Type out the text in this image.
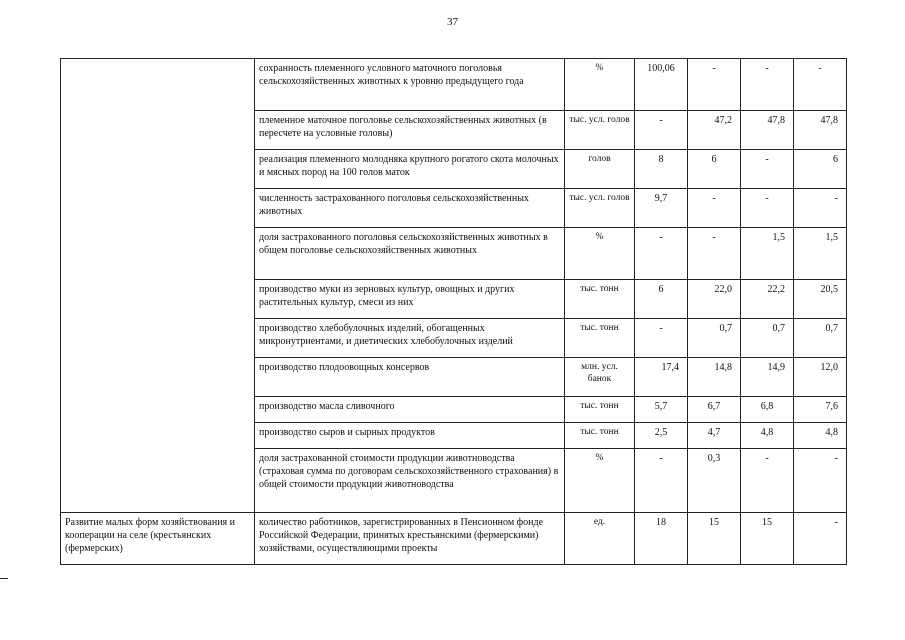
37
	сохранность племенного условного маточного поголовья сельскохозяйственных животных к уровню предыдущего года	%	100,06	-	-	-
	племенное маточное поголовье сельскохозяйственных животных (в пересчете на условные головы)	тыс. усл. голов	-	47,2	47,8	47,8
	реализация племенного молодняка крупного рогатого скота молочных и мясных пород на 100 голов маток	голов	8	6	-	6
	численность застрахованного поголовья сельскохозяйственных животных	тыс. усл. голов	9,7	-	-	-
	доля застрахованного поголовья сельскохозяйственных животных в общем поголовье сельскохозяйственных животных	%	-	-	1,5	1,5
	производство муки из зерновых культур, овощных и других растительных культур, смеси из них	тыс. тонн	6	22,0	22,2	20,5
	производство хлебобулочных изделий, обогащенных микронутриентами, и диетических хлебобулочных изделий	тыс. тонн	-	0,7	0,7	0,7
	производство плодоовощных консервов	млн. усл. банок	17,4	14,8	14,9	12,0
	производство масла сливочного	тыс. тонн	5,7	6,7	6,8	7,6
	производство сыров и сырных продуктов	тыс. тонн	2,5	4,7	4,8	4,8
	доля застрахованной стоимости продукции животноводства (страховая сумма по договорам сельскохозяйственного страхования) в общей стоимости продукции животноводства	%	-	0,3	-	-
Развитие малых форм хозяйствования и кооперации на селе (крестьянских (фермерских)	количество работников, зарегистрированных в Пенсионном фонде Российской Федерации, принятых крестьянскими (фермерскими) хозяйствами, осуществляющими проекты	ед.	18	15	15	-
